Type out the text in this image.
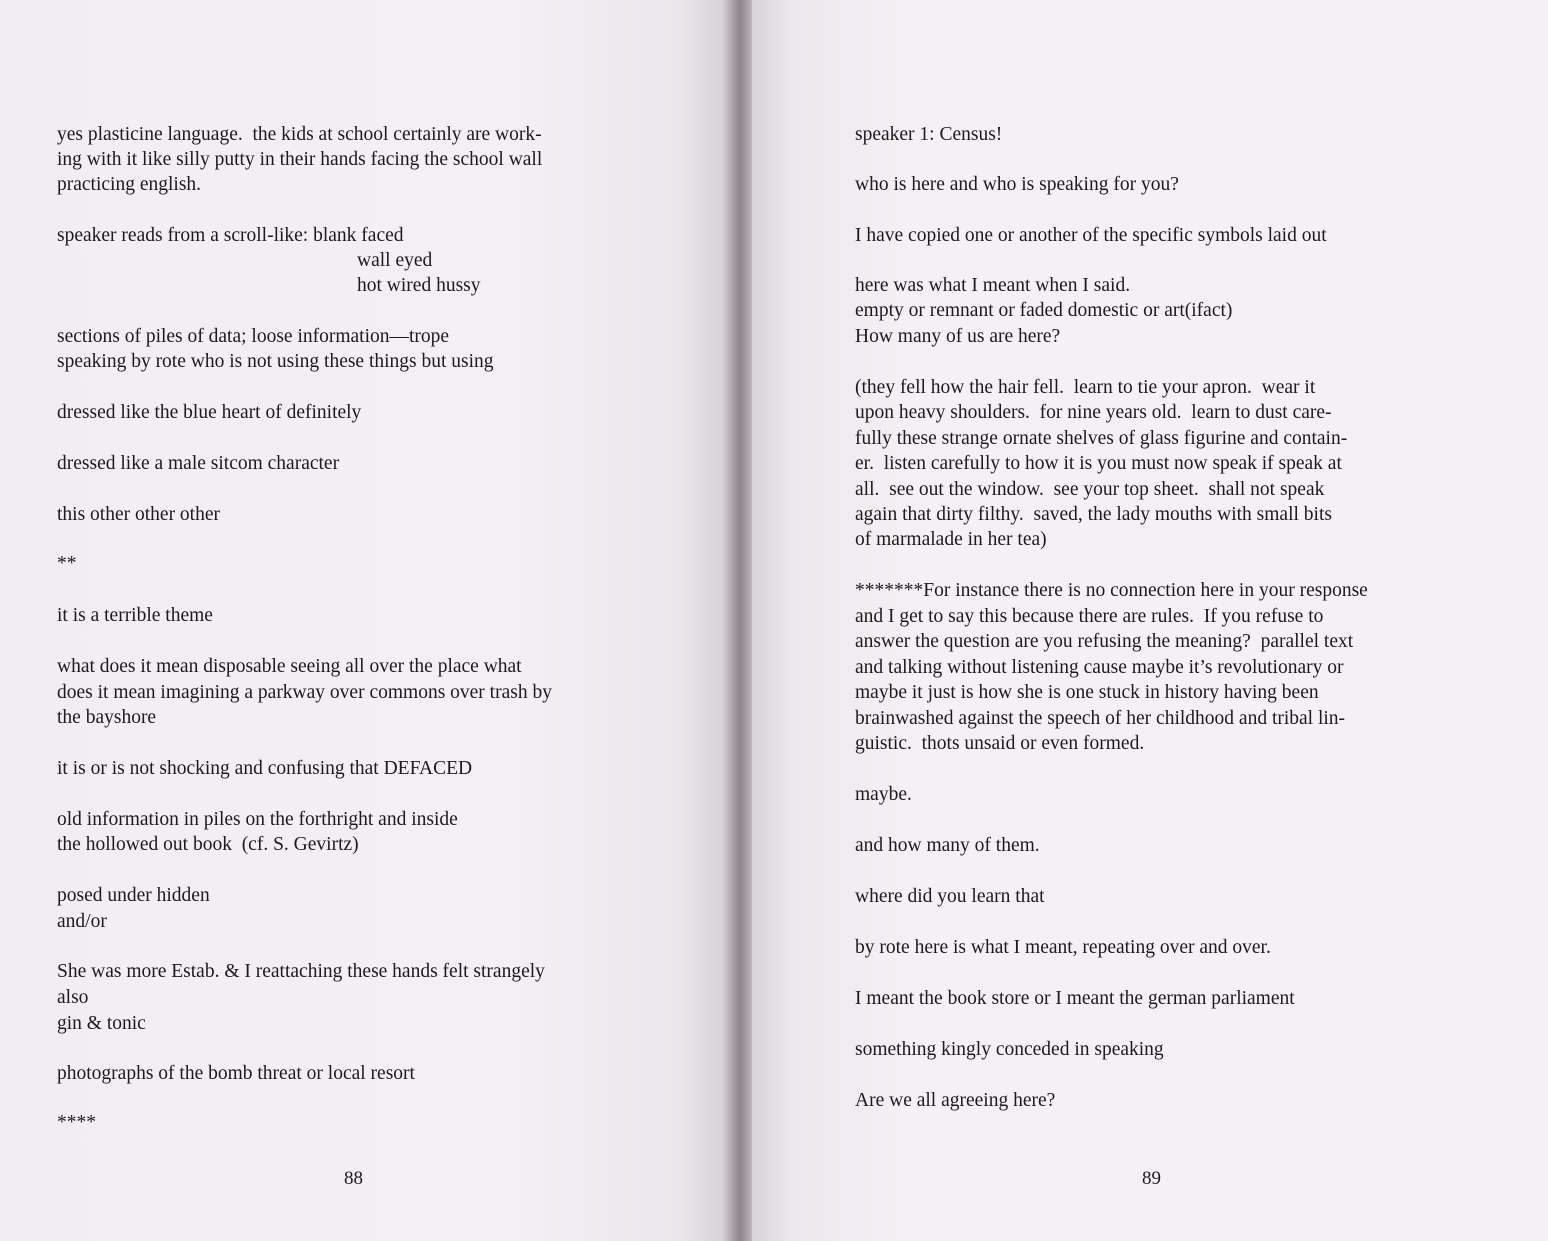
yes plasticine language.  the kids at school certainly are work-
ing with it like silly putty in their hands facing the school wall
practicing english.
speaker reads from a scroll-like: blank faced
wall eyed
hot wired hussy
sections of piles of data; loose information—trope
speaking by rote who is not using these things but using
dressed like the blue heart of definitely
dressed like a male sitcom character
this other other other
**
it is a terrible theme
what does it mean disposable seeing all over the place what
does it mean imagining a parkway over commons over trash by
the bayshore
it is or is not shocking and confusing that DEFACED
old information in piles on the forthright and inside
the hollowed out book  (cf. S. Gevirtz)
posed under hidden
and/or
She was more Estab. & I reattaching these hands felt strangely
also
gin & tonic
photographs of the bomb threat or local resort
****
88
speaker 1: Census!
who is here and who is speaking for you?
I have copied one or another of the specific symbols laid out
here was what I meant when I said.
empty or remnant or faded domestic or art(ifact)
How many of us are here?
(they fell how the hair fell.  learn to tie your apron.  wear it
upon heavy shoulders.  for nine years old.  learn to dust care-
fully these strange ornate shelves of glass figurine and contain-
er.  listen carefully to how it is you must now speak if speak at
all.  see out the window.  see your top sheet.  shall not speak
again that dirty filthy.  saved, the lady mouths with small bits
of marmalade in her tea)
*******For instance there is no connection here in your response
and I get to say this because there are rules.  If you refuse to
answer the question are you refusing the meaning?  parallel text
and talking without listening cause maybe it’s revolutionary or
maybe it just is how she is one stuck in history having been
brainwashed against the speech of her childhood and tribal lin-
guistic.  thots unsaid or even formed.
maybe.
and how many of them.
where did you learn that
by rote here is what I meant, repeating over and over.
I meant the book store or I meant the german parliament
something kingly conceded in speaking
Are we all agreeing here?
89
